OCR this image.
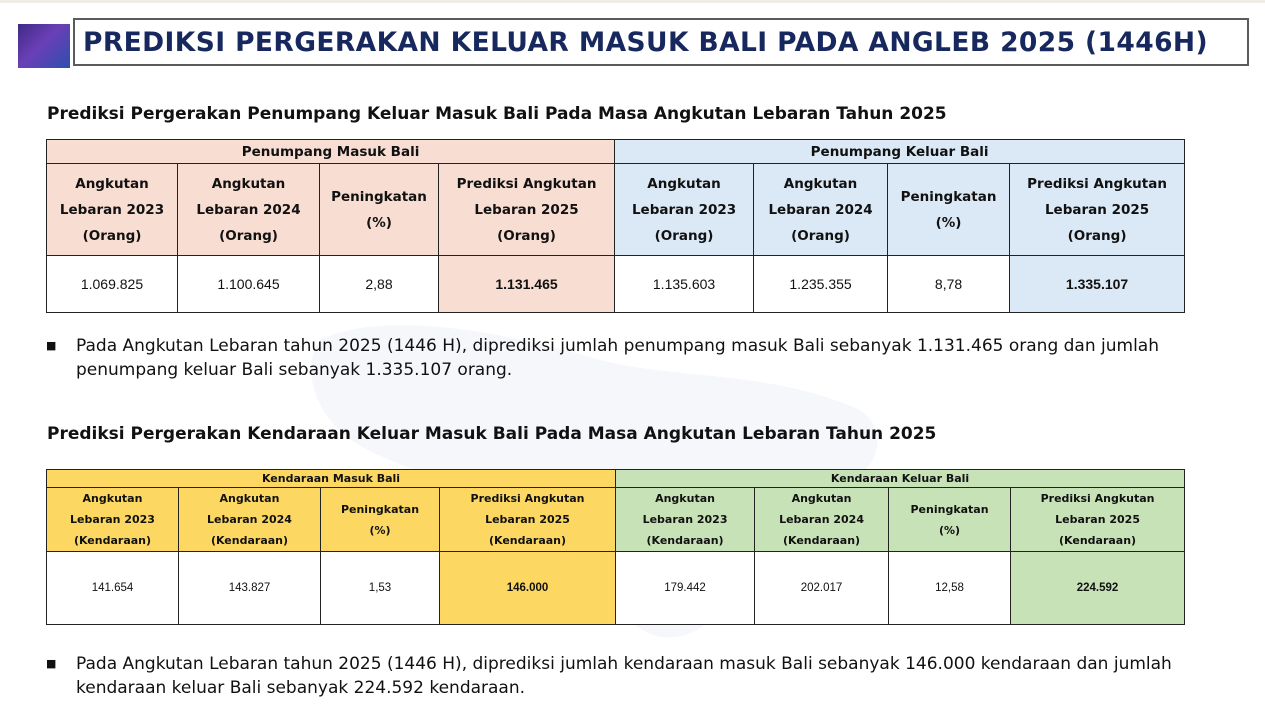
PREDIKSI PERGERAKAN KELUAR MASUK BALI PADA ANGLEB 2025 (1446H)
Prediksi Pergerakan Penumpang Keluar Masuk Bali Pada Masa Angkutan Lebaran Tahun 2025
Penumpang Masuk Bali				Penumpang Keluar Bali			
Angkutan
Lebaran 2023
(Orang)	Angkutan
Lebaran 2024
(Orang)	Peningkatan
(%)	Prediksi Angkutan
Lebaran 2025
(Orang)	Angkutan
Lebaran 2023
(Orang)	Angkutan
Lebaran 2024
(Orang)	Peningkatan
(%)	Prediksi Angkutan
Lebaran 2025
(Orang)
1.069.825	1.100.645	2,88	1.131.465	1.135.603	1.235.355	8,78	1.335.107
■	Pada Angkutan Lebaran tahun 2025 (1446 H), diprediksi jumlah penumpang masuk Bali sebanyak 1.131.465 orang dan jumlah penumpang keluar Bali sebanyak 1.335.107 orang.
Prediksi Pergerakan Kendaraan Keluar Masuk Bali Pada Masa Angkutan Lebaran Tahun 2025
Kendaraan Masuk Bali				Kendaraan Keluar Bali			
Angkutan
Lebaran 2023
(Kendaraan)	Angkutan
Lebaran 2024
(Kendaraan)	Peningkatan
(%)	Prediksi Angkutan
Lebaran 2025
(Kendaraan)	Angkutan
Lebaran 2023
(Kendaraan)	Angkutan
Lebaran 2024
(Kendaraan)	Peningkatan
(%)	Prediksi Angkutan
Lebaran 2025
(Kendaraan)
141.654	143.827	1,53	146.000	179.442	202.017	12,58	224.592
■	Pada Angkutan Lebaran tahun 2025 (1446 H), diprediksi jumlah kendaraan masuk Bali sebanyak 146.000 kendaraan dan jumlah kendaraan keluar Bali sebanyak 224.592 kendaraan.
